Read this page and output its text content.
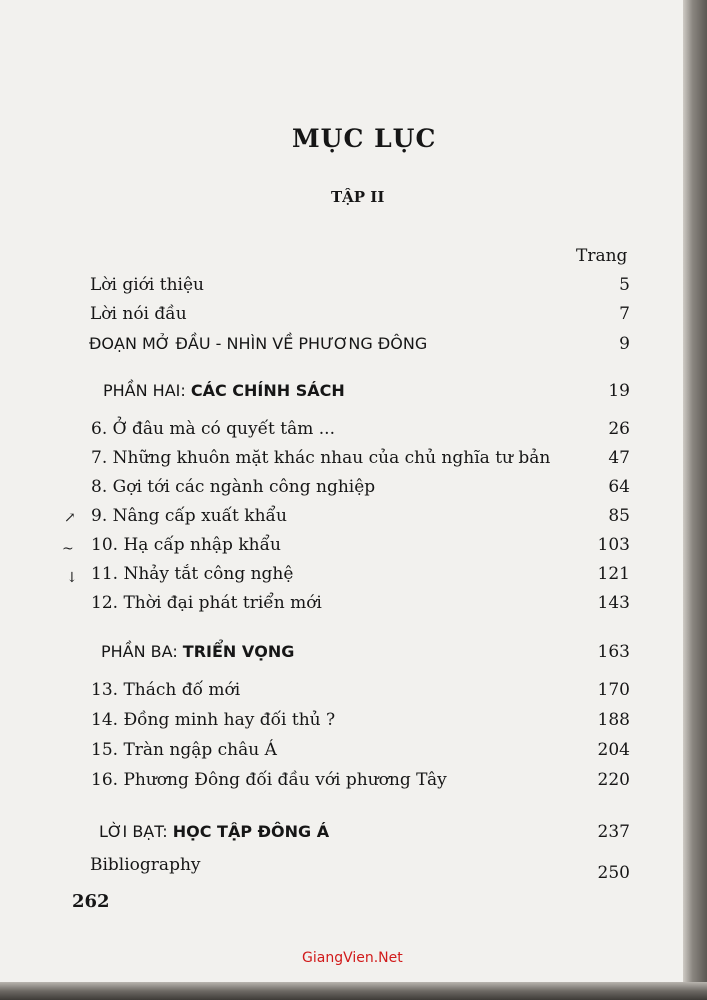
MỤC LỤC
TẬP II
Trang
Lời giới thiệu	5
Lời nói đầu	7
ĐOẠN MỞ ĐẦU - NHÌN VỀ PHƯƠNG ĐÔNG	9
PHẦN HAI: CÁC CHÍNH SÁCH	19
6. Ở đâu mà có quyết tâm ...	26
7. Những khuôn mặt khác nhau của chủ nghĩa tư bản	47
8. Gợi tới các ngành công nghiệp	64
9. Nâng cấp xuất khẩu	85
10. Hạ cấp nhập khẩu	103
11. Nhảy tắt công nghệ	121
12. Thời đại phát triển mới	143
PHẦN BA: TRIỂN VỌNG	163
13. Thách đố mới	170
14. Đồng minh hay đối thủ ?	188
15. Tràn ngập châu Á	204
16. Phương Đông đối đầu với phương Tây	220
LỜI BẠT: HỌC TẬP ĐÔNG Á	237
Bibliography	250
262
GiangVien.Net
↗
~
↓
